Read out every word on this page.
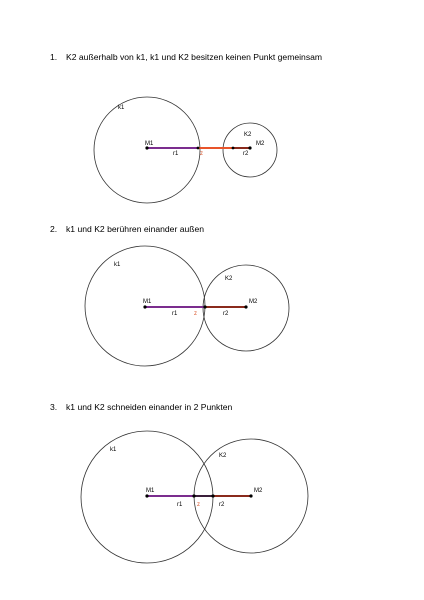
1. K2 außerhalb von k1, k1 und K2 besitzen keinen Punkt gemeinsam
k1
K2
M1	M2
r1	z	r2
2. k1 und K2 berühren einander außen
k1
K2
M1	M2
r1	z	r2
3. k1 und K2 schneiden einander in 2 Punkten
k1
K2
M1	M2
r1 z	r2
